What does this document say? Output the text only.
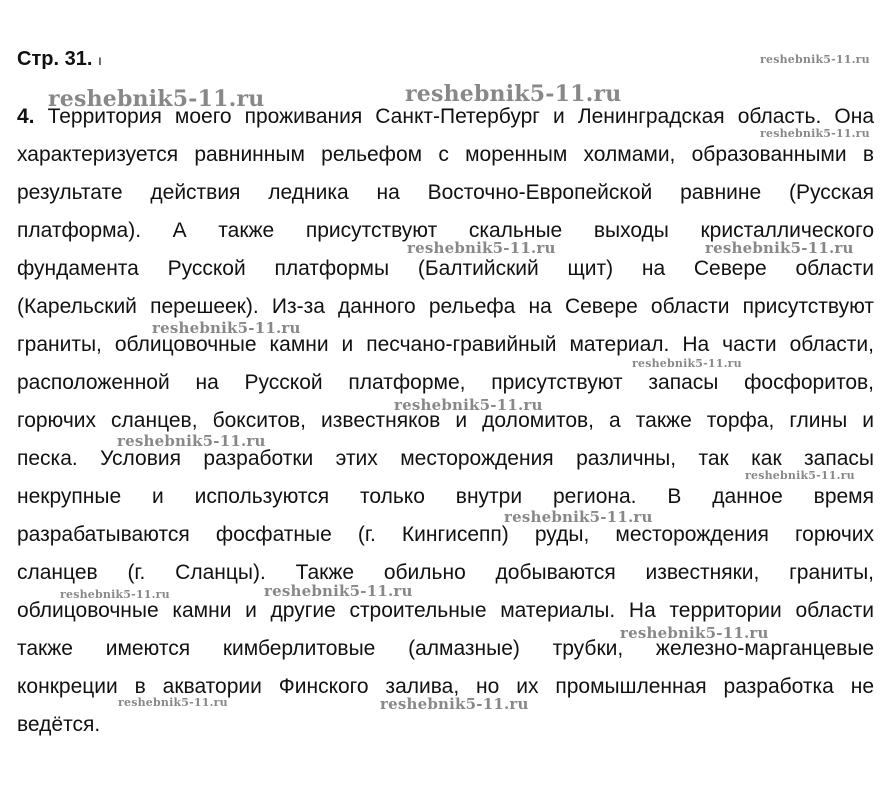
Стр. 31. ı
4. Территория моего проживания Санкт-Петербург и Ленинградская область. Она
характеризуется равнинным рельефом с моренным холмами, образованными в
результате действия ледника на Восточно-Европейской равнине (Русская
платформа). А также присутствуют скальные выходы кристаллического
фундамента Русской платформы (Балтийский щит) на Севере области
(Карельский перешеек). Из-за данного рельефа на Севере области присутствуют
граниты, облицовочные камни и песчано-гравийный материал. На части области,
расположенной на Русской платформе, присутствуют запасы фосфоритов,
горючих сланцев, бокситов, известняков и доломитов, а также торфа, глины и
песка. Условия разработки этих месторождения различны, так как запасы
некрупные и используются только внутри региона. В данное время
разрабатываются фосфатные (г. Кингисепп) руды, месторождения горючих
сланцев (г. Сланцы). Также обильно добываются известняки, граниты,
облицовочные камни и другие строительные материалы. На территории области
также имеются кимберлитовые (алмазные) трубки, железно-марганцевые
конкреции в акватории Финского залива, но их промышленная разработка не
ведётся.
reshebnik5-11.ru
reshebnik5-11.ru	reshebnik5-11.ru
reshebnik5-11.ru
reshebnik5-11.ru	reshebnik5-11.ru
reshebnik5-11.ru
reshebnik5-11.ru
reshebnik5-11.ru
reshebnik5-11.ru
reshebnik5-11.ru
reshebnik5-11.ru
reshebnik5-11.ru	reshebnik5-11.ru
reshebnik5-11.ru
reshebnik5-11.ru	reshebnik5-11.ru
